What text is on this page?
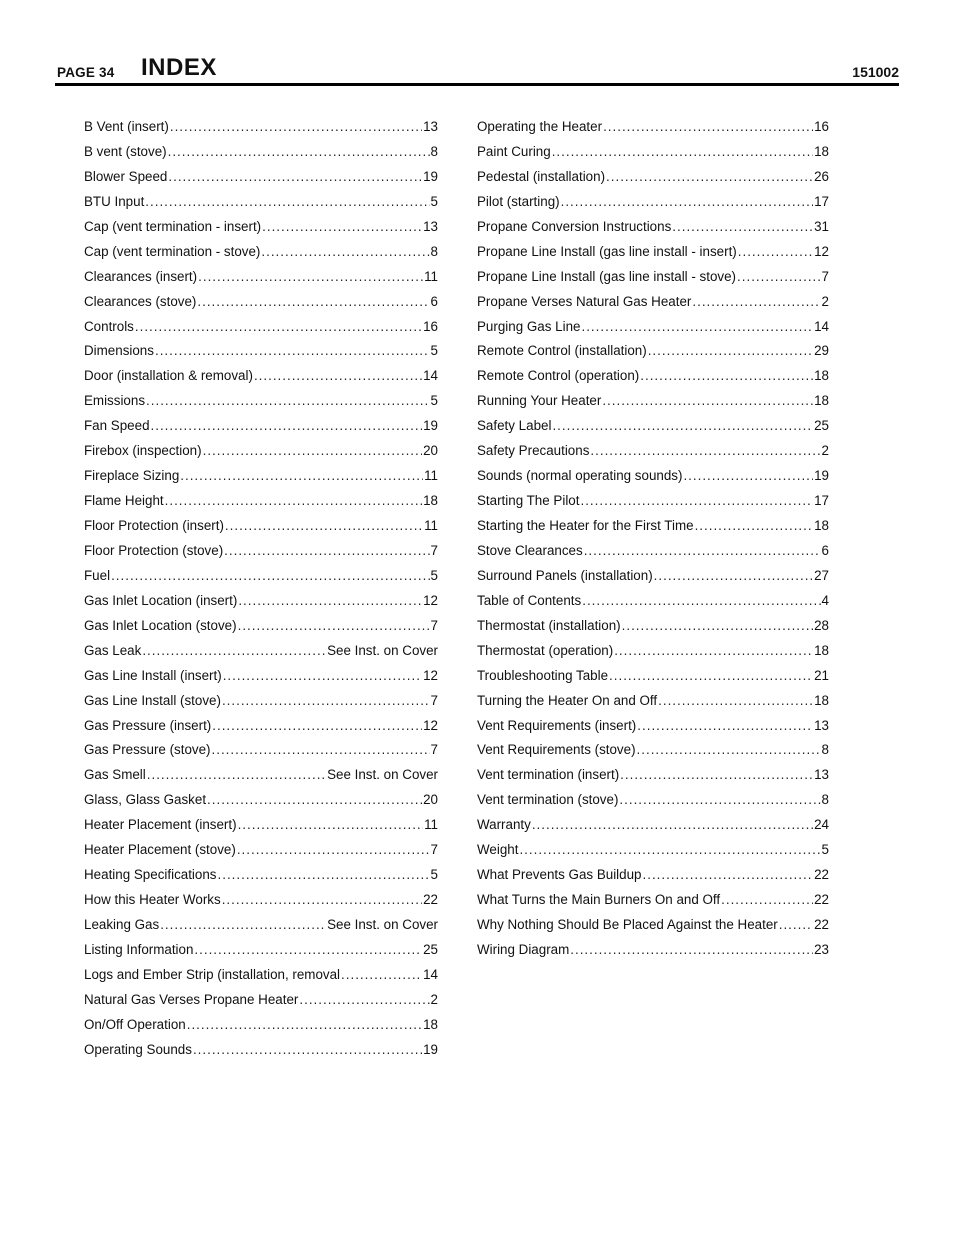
PAGE 34 INDEX	151002
B Vent (insert) .....	13
B vent (stove) .....	8
Blower Speed .....	19
BTU Input .....	5
Cap (vent termination - insert) .....	13
Cap (vent termination - stove) .....	8
Clearances (insert) .....	11
Clearances (stove) .....	6
Controls .....	16
Dimensions .....	5
Door (installation & removal) .....	14
Emissions .....	5
Fan Speed .....	19
Firebox (inspection) .....	20
Fireplace Sizing .....	11
Flame Height .....	18
Floor Protection (insert) .....	11
Floor Protection (stove) .....	7
Fuel .....	5
Gas Inlet Location (insert) .....	12
Gas Inlet Location (stove) .....	7
Gas Leak .....	See Inst. on Cover
Gas Line Install (insert) .....	12
Gas Line Install (stove) .....	7
Gas Pressure (insert) .....	12
Gas Pressure (stove) .....	7
Gas Smell .....	See Inst. on Cover
Glass, Glass Gasket .....	20
Heater Placement (insert) .....	11
Heater Placement (stove) .....	7
Heating Specifications .....	5
How this Heater Works .....	22
Leaking Gas .....	See Inst. on Cover
Listing Information .....	25
Logs and Ember Strip (installation, removal .....	14
Natural Gas Verses Propane Heater .....	2
On/Off Operation .....	18
Operating Sounds .....	19
Operating the Heater .....	16
Paint Curing .....	18
Pedestal (installation) .....	26
Pilot (starting) .....	17
Propane Conversion Instructions .....	31
Propane Line Install (gas line install - insert) .....	12
Propane Line Install (gas line install - stove) .....	7
Propane Verses Natural Gas Heater .....	2
Purging Gas Line .....	14
Remote Control (installation) .....	29
Remote Control (operation) .....	18
Running Your Heater .....	18
Safety Label .....	25
Safety Precautions .....	2
Sounds (normal operating sounds) .....	19
Starting The Pilot .....	17
Starting the Heater for the First Time .....	18
Stove Clearances .....	6
Surround Panels (installation) .....	27
Table of Contents .....	4
Thermostat (installation) .....	28
Thermostat (operation) .....	18
Troubleshooting Table .....	21
Turning the Heater On and Off .....	18
Vent Requirements (insert) .....	13
Vent Requirements (stove) .....	8
Vent termination (insert) .....	13
Vent termination (stove) .....	8
Warranty .....	24
Weight .....	5
What Prevents Gas Buildup .....	22
What Turns the Main Burners On and Off .....	22
Why Nothing Should Be Placed Against the Heater .....	22
Wiring Diagram .....	23
